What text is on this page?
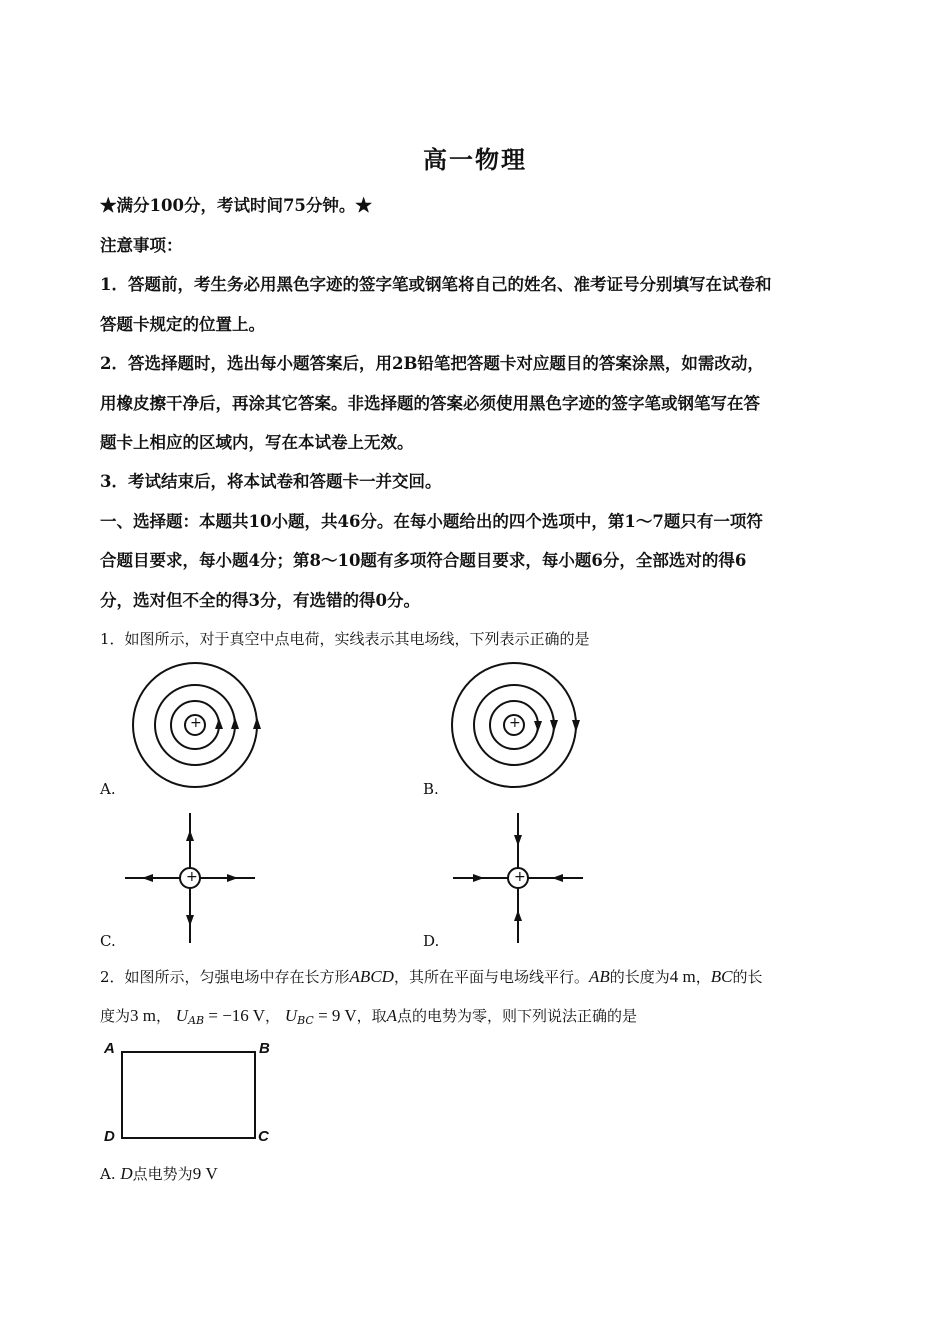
高一物理
★满分100分，考试时间75分钟。★
注意事项：
1．答题前，考生务必用黑色字迹的签字笔或钢笔将自己的姓名、准考证号分别填写在试卷和
答题卡规定的位置上。
2．答选择题时，选出每小题答案后，用2B铅笔把答题卡对应题目的答案涂黑，如需改动，
用橡皮擦干净后，再涂其它答案。非选择题的答案必须使用黑色字迹的签字笔或钢笔写在答
题卡上相应的区域内，写在本试卷上无效。
3．考试结束后，将本试卷和答题卡一并交回。
一、选择题：本题共10小题，共46分。在每小题给出的四个选项中，第1～7题只有一项符
合题目要求，每小题4分；第8～10题有多项符合题目要求，每小题6分，全部选对的得6
分，选对但不全的得3分，有选错的得0分。
1．如图所示，对于真空中点电荷，实线表示其电场线，下列表示正确的是
+
A.
+
B.
+
C.
+
D.
2．如图所示，匀强电场中存在长方形ABCD，其所在平面与电场线平行。AB的长度为4 m，BC的长
度为3 m， $U_{AB} = -16$ V， $U_{BC} = 9$ V，取A点的电势为零，则下列说法正确的是
A	B
C
D
A. D点电势为9 V
